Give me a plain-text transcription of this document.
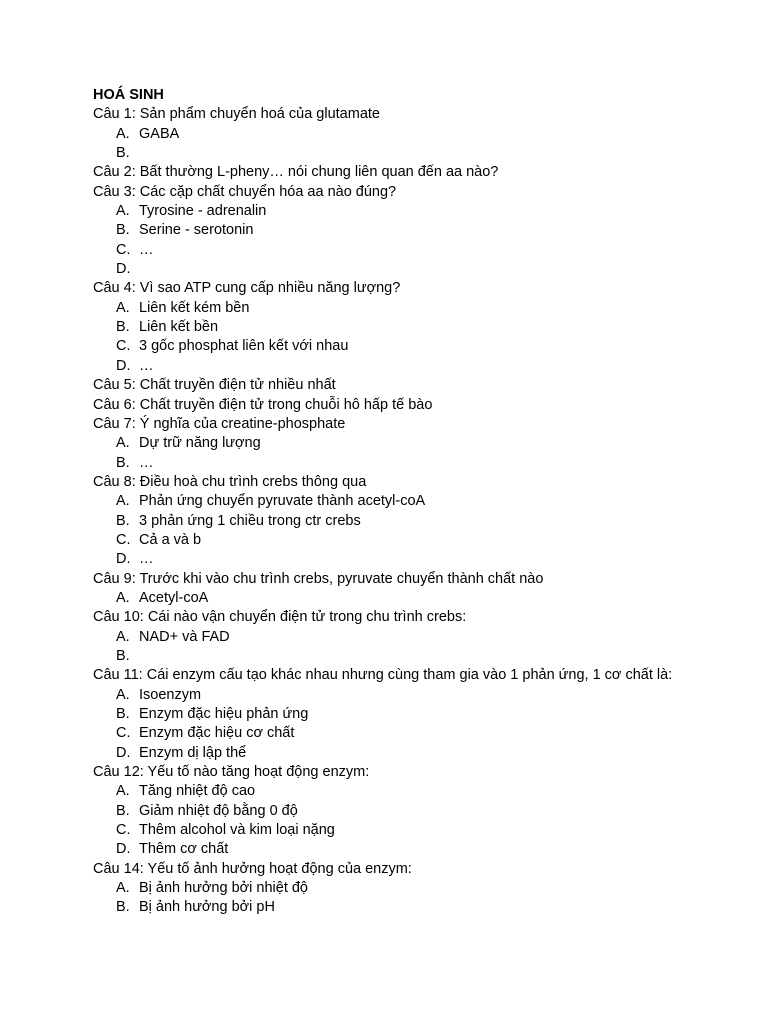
HOÁ SINH
Câu 1: Sản phẩm chuyển hoá của glutamate
A. GABA
B.
Câu 2: Bất thường L-pheny… nói chung liên quan đến aa nào?
Câu 3: Các cặp chất chuyển hóa aa nào đúng?
A. Tyrosine - adrenalin
B. Serine - serotonin
C. …
D.
Câu 4: Vì sao ATP cung cấp nhiều năng lượng?
A. Liên kết kém bền
B. Liên kết bền
C. 3 gốc phosphat liên kết với nhau
D. …
Câu 5: Chất truyền điện tử nhiều nhất
Câu 6: Chất truyền điện tử trong chuỗi hô hấp tế bào
Câu 7: Ý nghĩa của creatine-phosphate
A. Dự trữ năng lượng
B. …
Câu 8: Điều hoà chu trình crebs thông qua
A. Phản ứng chuyển pyruvate thành acetyl-coA
B. 3 phản ứng 1 chiều trong ctr crebs
C. Cả a và b
D. …
Câu 9: Trước khi vào chu trình crebs, pyruvate chuyển thành chất nào
A. Acetyl-coA
Câu 10: Cái nào vận chuyển điện tử trong chu trình crebs:
A. NAD+ và FAD
B.
Câu 11: Cái enzym cấu tạo khác nhau nhưng cùng tham gia vào 1 phản ứng, 1 cơ chất là:
A. Isoenzym
B. Enzym đặc hiệu phản ứng
C. Enzym đặc hiệu cơ chất
D. Enzym dị lập thể
Câu 12: Yếu tố nào tăng hoạt động enzym:
A. Tăng nhiệt độ cao
B. Giảm nhiệt độ bằng 0 độ
C. Thêm alcohol và kim loại nặng
D. Thêm cơ chất
Câu 14: Yếu tố ảnh hưởng hoạt động của enzym:
A. Bị ảnh hưởng bởi nhiệt độ
B. Bị ảnh hưởng bởi pH
